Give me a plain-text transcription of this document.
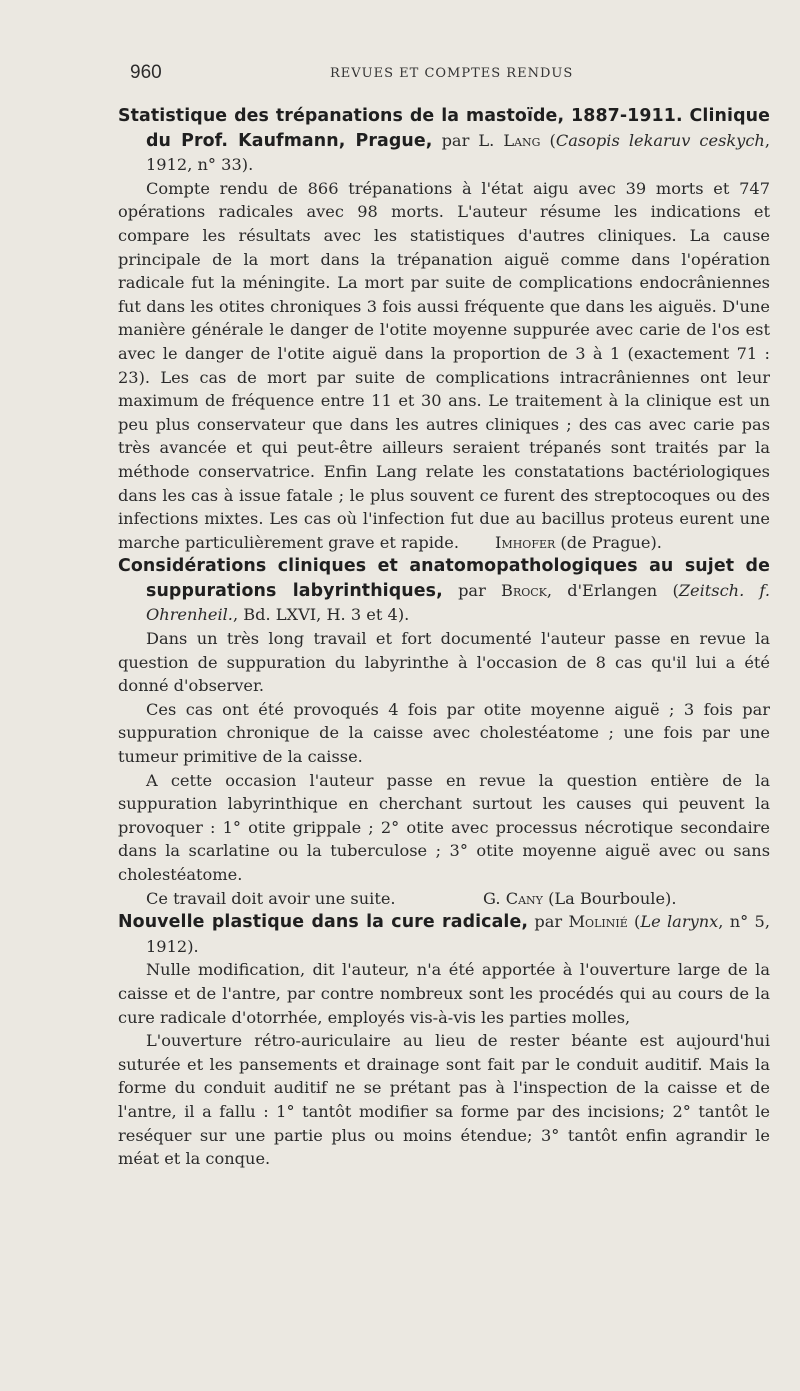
960	REVUES ET COMPTES RENDUS

Statistique des trépanations de la mastoïde, 1887-1911. Clinique du Prof. Kaufmann, Prague, par L. Lang (Casopis lekaruv ceskych, 1912, n° 33).

Compte rendu de 866 trépanations à l'état aigu avec 39 morts et 747 opérations radicales avec 98 morts. L'auteur résume les indications et compare les résultats avec les statistiques d'autres cliniques. La cause principale de la mort dans la trépanation aiguë comme dans l'opération radicale fut la méningite. La mort par suite de complications endocrâniennes fut dans les otites chroniques 3 fois aussi fréquente que dans les aiguës. D'une manière générale le danger de l'otite moyenne suppurée avec carie de l'os est avec le danger de l'otite aiguë dans la proportion de 3 à 1 (exactement 71 : 23). Les cas de mort par suite de complications intracrâniennes ont leur maximum de fréquence entre 11 et 30 ans. Le traitement à la clinique est un peu plus conservateur que dans les autres cliniques ; des cas avec carie pas très avancée et qui peut-être ailleurs seraient trépanés sont traités par la méthode conservatrice. Enfin Lang relate les constatations bactériologiques dans les cas à issue fatale ; le plus souvent ce furent des streptocoques ou des infections mixtes. Les cas où l'infection fut due au bacillus proteus eurent une marche particulièrement grave et rapide. Imhofer (de Prague).

Considérations cliniques et anatomopathologiques au sujet de suppurations labyrinthiques, par Brock, d'Erlangen (Zeitsch. f. Ohrenheil., Bd. LXVI, H. 3 et 4).

Dans un très long travail et fort documenté l'auteur passe en revue la question de suppuration du labyrinthe à l'occasion de 8 cas qu'il lui a été donné d'observer.

Ces cas ont été provoqués 4 fois par otite moyenne aiguë ; 3 fois par suppuration chronique de la caisse avec cholestéatome ; une fois par une tumeur primitive de la caisse.

A cette occasion l'auteur passe en revue la question entière de la suppuration labyrinthique en cherchant surtout les causes qui peuvent la provoquer : 1° otite grippale ; 2° otite avec processus nécrotique secondaire dans la scarlatine ou la tuberculose ; 3° otite moyenne aiguë avec ou sans cholestéatome.

Ce travail doit avoir une suite.	G. Cany (La Bourboule).

Nouvelle plastique dans la cure radicale, par Molinié (Le larynx, n° 5, 1912).

Nulle modification, dit l'auteur, n'a été apportée à l'ouverture large de la caisse et de l'antre, par contre nombreux sont les procédés qui au cours de la cure radicale d'otorrhée, employés vis-à-vis les parties molles,

L'ouverture rétro-auriculaire au lieu de rester béante est aujourd'hui suturée et les pansements et drainage sont fait par le conduit auditif. Mais la forme du conduit auditif ne se prétant pas à l'inspection de la caisse et de l'antre, il a fallu : 1° tantôt modifier sa forme par des incisions; 2° tantôt le reséquer sur une partie plus ou moins étendue; 3° tantôt enfin agrandir le méat et la conque.
